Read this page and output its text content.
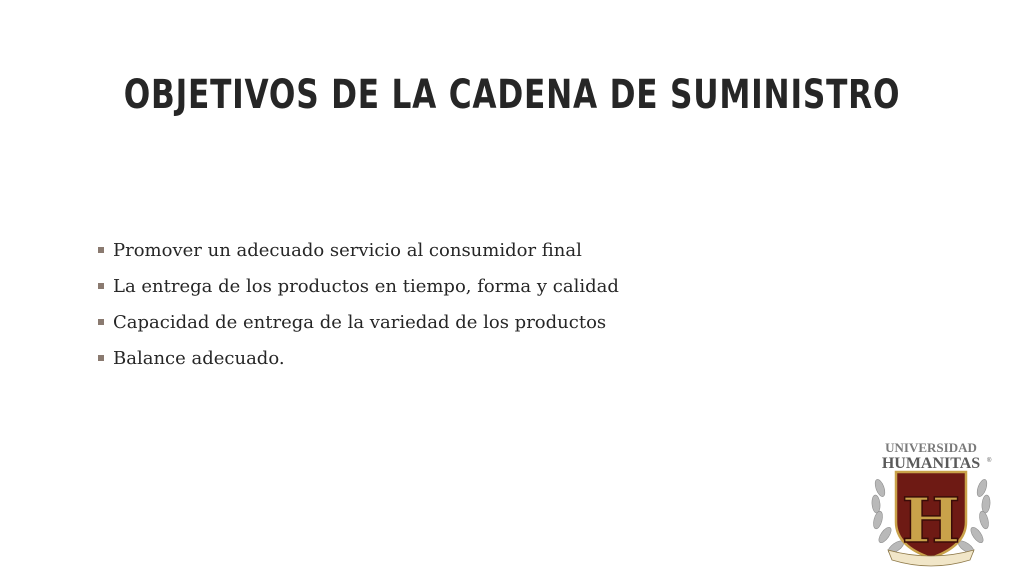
OBJETIVOS DE LA CADENA DE SUMINISTRO
Promover un adecuado servicio al consumidor final
La entrega de los productos en tiempo, forma y calidad
Capacidad de entrega de la variedad de los productos
Balance adecuado.
H
UNIVERSIDAD
HUMANITAS ®
